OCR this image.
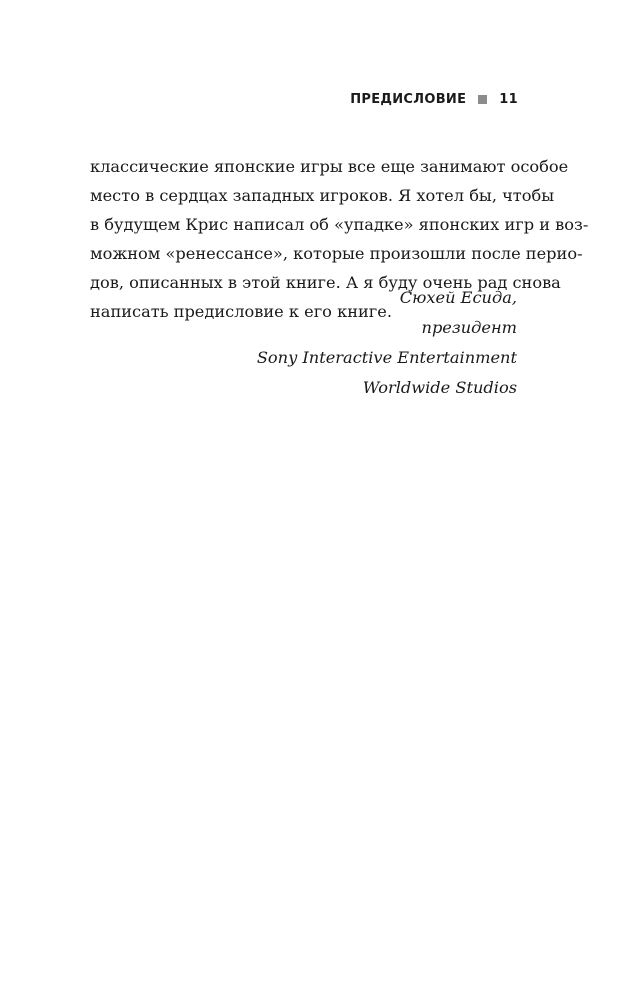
ПРЕДИСЛОВИЕ	11
классические японские игры все еще занимают особое
место в сердцах западных игроков. Я хотел бы, чтобы
в будущем Крис написал об «упадке» японских игр и воз-
можном «ренессансе», которые произошли после перио-
дов, описанных в этой книге. А я буду очень рад снова
написать предисловие к его книге.
Сюхей Есида,
президент
Sony Interactive Entertainment
Worldwide Studios
